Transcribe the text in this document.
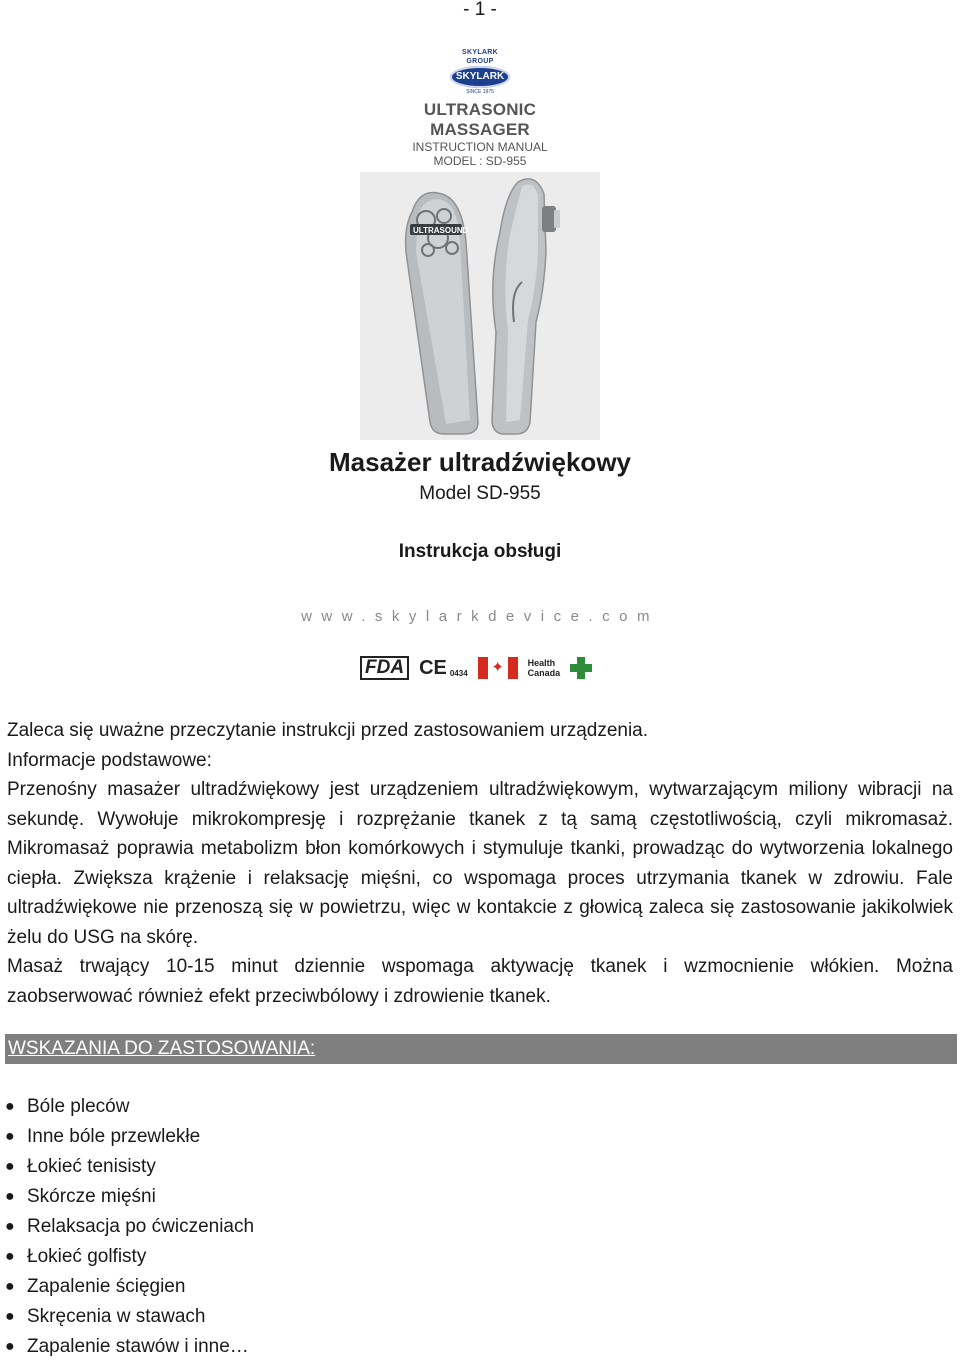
- 1 -
SKYLARK GROUP
SKYLARK
SINCE 1975
ULTRASONIC MASSAGER
INSTRUCTION MANUAL
MODEL : SD-955
ULTRASOUND
Masażer ultradźwiękowy
Model SD-955
Instrukcja obsługi
www.skylarkdevice.com
FDA CE 0434 ✦	Health
Canada

Zaleca się uważne przeczytanie instrukcji przed zastosowaniem urządzenia.

Informacje podstawowe:

Przenośny masażer ultradźwiękowy jest urządzeniem ultradźwiękowym, wytwarzającym miliony wibracji na sekundę. Wywołuje mikrokompresję i rozprężanie tkanek z tą samą częstotliwością, czyli mikromasaż. Mikromasaż poprawia metabolizm błon komórkowych i stymuluje tkanki, prowadząc do wytworzenia lokalnego ciepła. Zwiększa krążenie i relaksację mięśni, co wspomaga proces utrzymania tkanek w zdrowiu. Fale ultradźwiękowe nie przenoszą się w powietrzu, więc w kontakcie z głowicą zaleca się zastosowanie jakikolwiek żelu do USG na skórę.

Masaż trwający 10-15 minut dziennie wspomaga aktywację tkanek i wzmocnienie włókien. Można zaobserwować również efekt przeciwbólowy i zdrowienie tkanek.

WSKAZANIA DO ZASTOSOWANIA:
● Bóle pleców
● Inne bóle przewlekłe
● Łokieć tenisisty
● Skórcze mięśni
● Relaksacja po ćwiczeniach
● Łokieć golfisty
● Zapalenie ścięgien
● Skręcenia w stawach
● Zapalenie stawów i inne…
